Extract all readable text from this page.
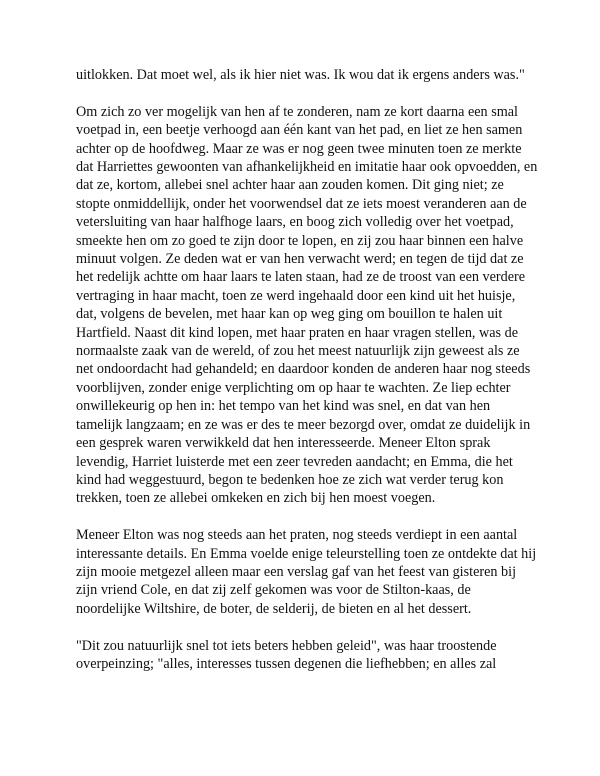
uitlokken. Dat moet wel, als ik hier niet was. Ik wou dat ik ergens anders was."

Om zich zo ver mogelijk van hen af te zonderen, nam ze kort daarna een smal voetpad in, een beetje verhoogd aan één kant van het pad, en liet ze hen samen achter op de hoofdweg. Maar ze was er nog geen twee minuten toen ze merkte dat Harriettes gewoonten van afhankelijkheid en imitatie haar ook opvoedden, en dat ze, kortom, allebei snel achter haar aan zouden komen. Dit ging niet; ze stopte onmiddellijk, onder het voorwendsel dat ze iets moest veranderen aan de vetersluiting van haar halfhoge laars, en boog zich volledig over het voetpad, smeekte hen om zo goed te zijn door te lopen, en zij zou haar binnen een halve minuut volgen. Ze deden wat er van hen verwacht werd; en tegen de tijd dat ze het redelijk achtte om haar laars te laten staan, had ze de troost van een verdere vertraging in haar macht, toen ze werd ingehaald door een kind uit het huisje, dat, volgens de bevelen, met haar kan op weg ging om bouillon te halen uit Hartfield. Naast dit kind lopen, met haar praten en haar vragen stellen, was de normaalste zaak van de wereld, of zou het meest natuurlijk zijn geweest als ze net ondoordacht had gehandeld; en daardoor konden de anderen haar nog steeds voorblijven, zonder enige verplichting om op haar te wachten. Ze liep echter onwillekeurig op hen in: het tempo van het kind was snel, en dat van hen tamelijk langzaam; en ze was er des te meer bezorgd over, omdat ze duidelijk in een gesprek waren verwikkeld dat hen interesseerde. Meneer Elton sprak levendig, Harriet luisterde met een zeer tevreden aandacht; en Emma, die het kind had weggestuurd, begon te bedenken hoe ze zich wat verder terug kon trekken, toen ze allebei omkeken en zich bij hen moest voegen.

Meneer Elton was nog steeds aan het praten, nog steeds verdiept in een aantal interessante details. En Emma voelde enige teleurstelling toen ze ontdekte dat hij zijn mooie metgezel alleen maar een verslag gaf van het feest van gisteren bij zijn vriend Cole, en dat zij zelf gekomen was voor de Stilton-kaas, de noordelijke Wiltshire, de boter, de selderij, de bieten en al het dessert.

"Dit zou natuurlijk snel tot iets beters hebben geleid", was haar troostende overpeinzing; "alles, interesses tussen degenen die liefhebben; en alles zal
